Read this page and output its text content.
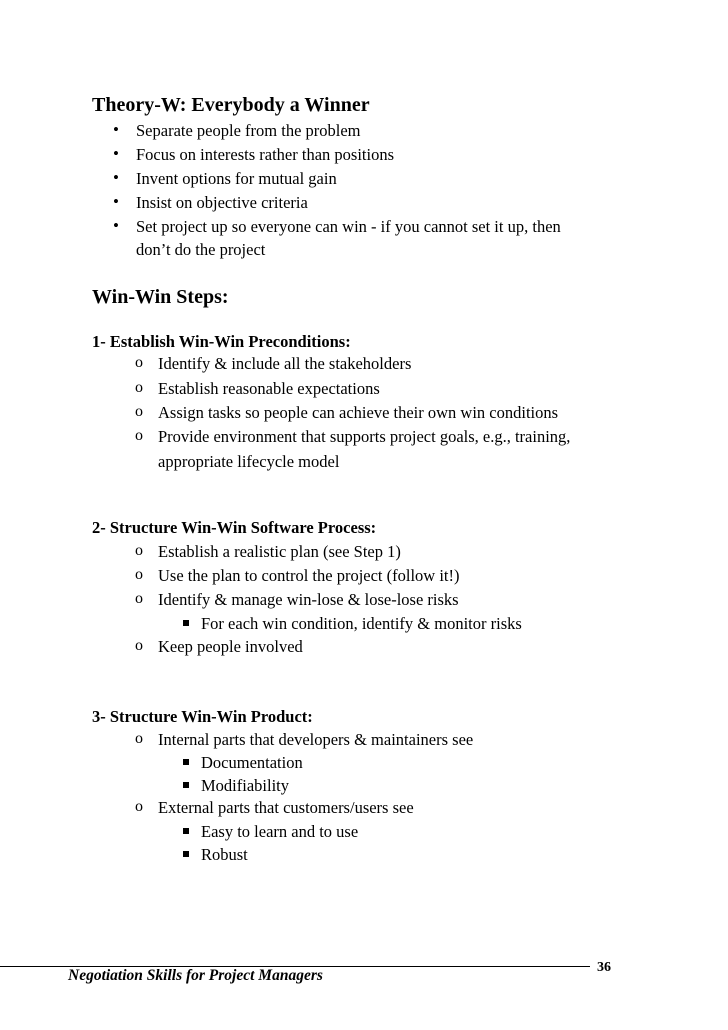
Theory-W: Everybody a Winner
• Separate people from the problem
• Focus on interests rather than positions
• Invent options for mutual gain
• Insist on objective criteria
• Set project up so everyone can win - if you cannot set it up, then
don’t do the project
Win-Win Steps:
1- Establish Win-Win Preconditions:
o Identify & include all the stakeholders
o Establish reasonable expectations
o Assign tasks so people can achieve their own win conditions
o Provide environment that supports project goals, e.g., training,
appropriate lifecycle model
2- Structure Win-Win Software Process:
o Establish a realistic plan (see Step 1)
o Use the plan to control the project (follow it!)
o Identify & manage win-lose & lose-lose risks
For each win condition, identify & monitor risks
o Keep people involved
3- Structure Win-Win Product:
o Internal parts that developers & maintainers see
Documentation
Modifiability
o External parts that customers/users see
Easy to learn and to use
Robust
36
Negotiation Skills for Project Managers
